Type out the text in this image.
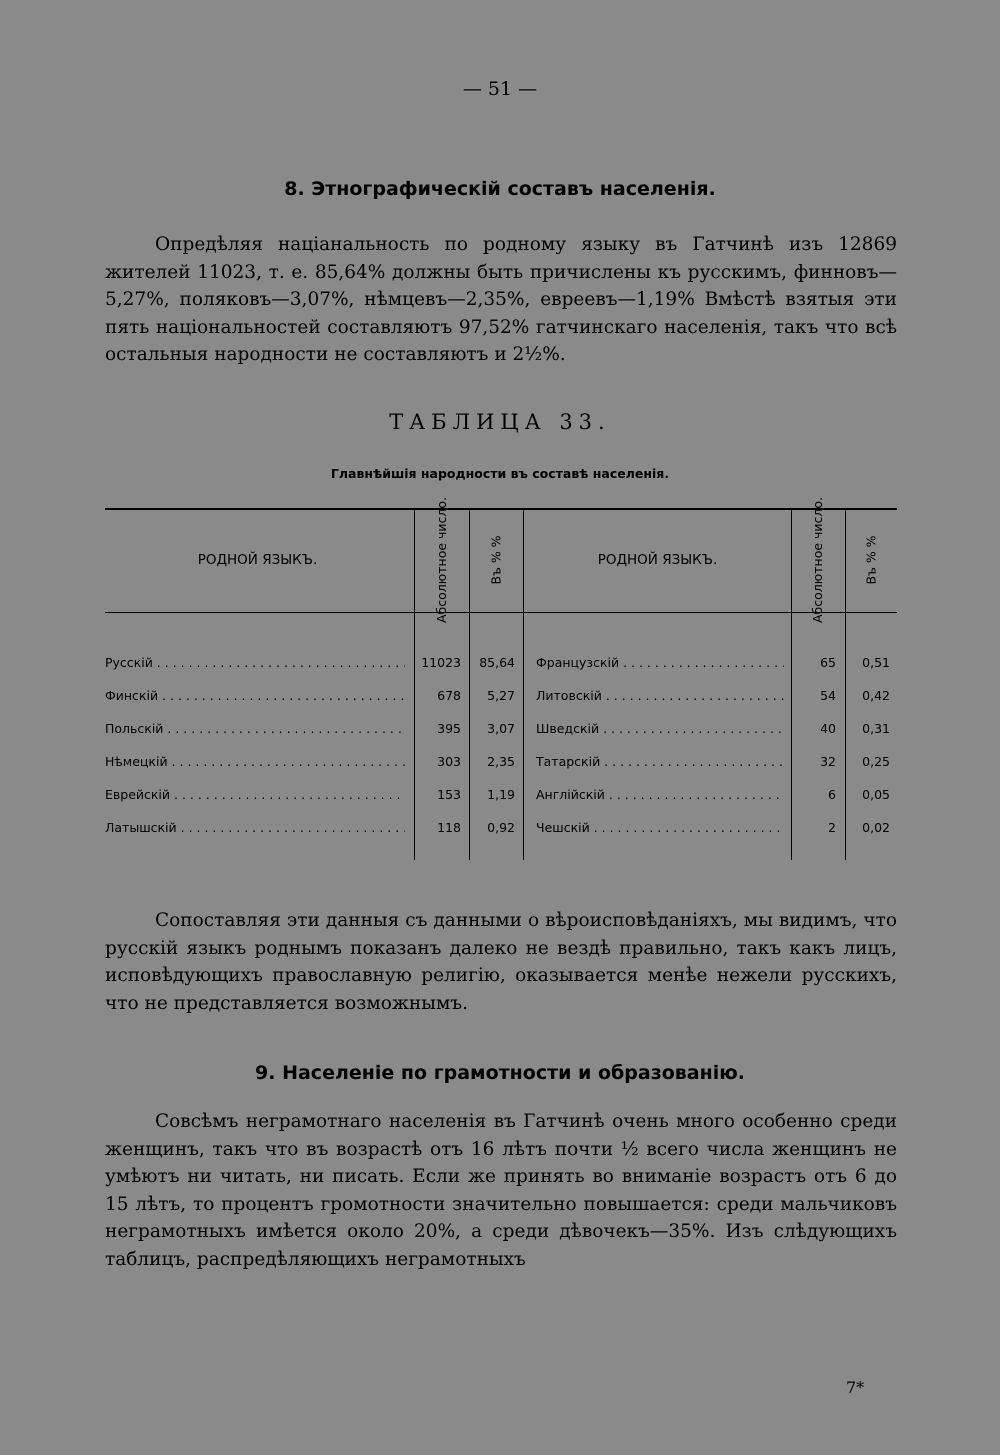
— 51 —
8. Этнографическій составъ населенія.

Опредѣляя націанальность по родному языку въ Гатчинѣ изъ 12869 жителей 11023, т. е. 85,64% должны быть причислены къ русскимъ, финновъ—5,27%, поляковъ—3,07%, нѣмцевъ—2,35%, евреевъ—1,19% Вмѣстѣ взятыя эти пять національностей составляютъ 97,52% гатчинскаго населенія, такъ что всѣ остальныя народности не составляютъ и 2½%.

ТАБЛИЦА 33.
Главнѣйшія народности въ составѣ населенія.
РОДНОЙ ЯЗЫКЪ.	Абсолютное число.	Въ % %	РОДНОЙ ЯЗЫКЪ.	Абсолютное число.	Въ % %
Русскій . . .	11023	85,64 Французскій . . .	65	0,51
Финскій . . .	678	5,27 Литовскій . . .	54	0,42
Польскій . . .	395	3,07 Шведскій . . .	40	0,31
Нѣмецкій . . .	303	2,35 Татарскій . . .	32	0,25
Еврейскій . . .	153	1,19 Англійскій . . .	6	0,05
Латышскій . . .	118	0,92 Чешскій . . .	2	0,02

Сопоставляя эти данныя съ данными о вѣроисповѣданіяхъ, мы видимъ, что русскій языкъ роднымъ показанъ далеко не вездѣ правильно, такъ какъ лицъ, исповѣдующихъ православную религію, оказывается менѣе нежели русскихъ, что не представляется возможнымъ.

9. Населеніе по грамотности и образованію.

Совсѣмъ неграмотнаго населенія въ Гатчинѣ очень много особенно среди женщинъ, такъ что въ возрастѣ отъ 16 лѣтъ почти ½ всего числа женщинъ не умѣютъ ни читать, ни писать. Если же принять во вниманіе возрастъ отъ 6 до 15 лѣтъ, то процентъ громотности значительно повышается: среди мальчиковъ неграмотныхъ имѣется около 20%, а среди дѣвочекъ—35%. Изъ слѣдующихъ таблицъ, распредѣляющихъ неграмотныхъ

7*
